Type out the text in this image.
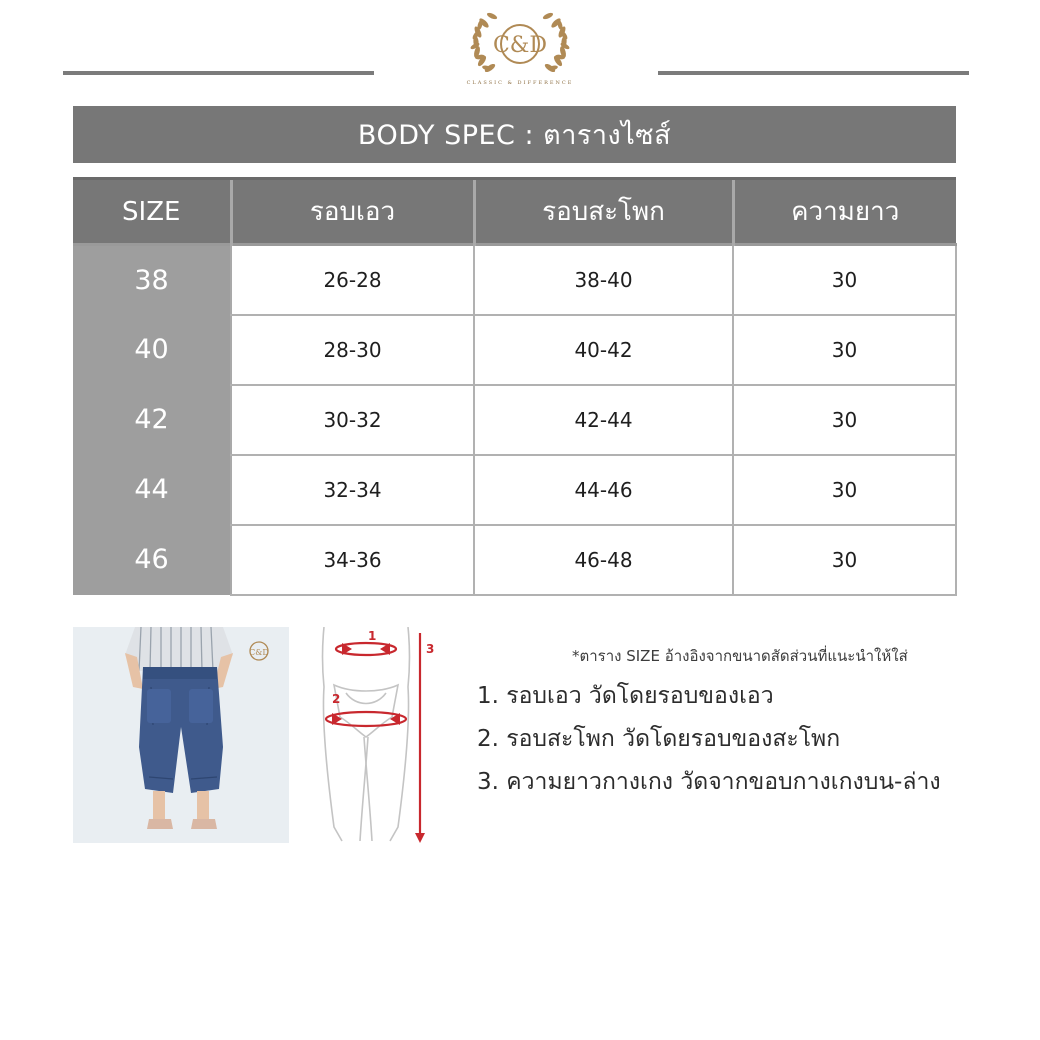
C&D
CLASSIC & DIFFERENCE
BODY SPEC : ตารางไซส์
SIZE	รอบเอว	รอบสะโพก	ความยาว
38	26-28	38-40	30
40	28-30	40-42	30
42	30-32	42-44	30
44	32-34	44-46	30
46	34-36	46-48	30
C&D
1
2
3	*ตาราง SIZE อ้างอิงจากขนาดสัดส่วนที่แนะนำให้ใส่
1. รอบเอว วัดโดยรอบของเอว
2. รอบสะโพก วัดโดยรอบของสะโพก
3. ความยาวกางเกง วัดจากขอบกางเกงบน-ล่าง
